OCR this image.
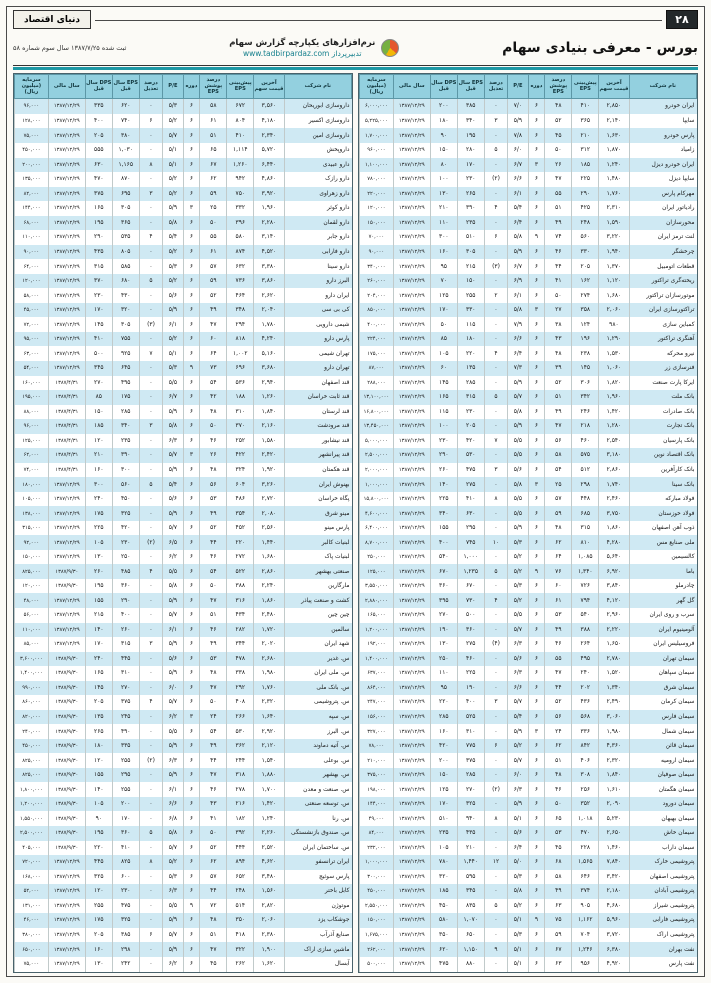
۲۸
دنیای اقتصاد
بورس - معرفی بنیادی سهام
نرم‌افزارهای یکپارچه گزارش سهام
www.tadbirpardaz.com تدبیرپرداز
ثبت شده ۱۳۸۷/۷/۲۵ سال سوم شماره ۵۸
نام شرکت	آخرین قیمت سهم	پیش‌بینی EPS	درصد پوشش EPS	دوره	P/E	درصد تعدیل	EPS سال قبل	DPS سال قبل	سال مالی	سرمایه (میلیون ریال)
ایران خودرو	۲,۸۵۰	۴۱۰	۴۸	۶	۷/۰	۰	۳۸۵	۲۰۰	۱۳۸۷/۱۲/۲۹	۶,۰۰۰,۰۰۰
سایپا	۲,۱۴۰	۳۶۵	۵۲	۶	۵/۹	۳	۳۴۰	۱۸۰	۱۳۸۷/۱۲/۲۹	۵,۲۲۵,۰۰۰
پارس خودرو	۱,۶۳۰	۲۱۰	۴۵	۶	۷/۸	۰	۱۹۵	۹۰	۱۳۸۷/۱۲/۲۹	۱,۷۰۰,۰۰۰
زامیاد	۱,۸۷۰	۳۱۲	۵۰	۶	۶/۰	۵	۲۸۰	۱۵۰	۱۳۸۷/۱۲/۲۹	۹۶۰,۰۰۰
ایران خودرو دیزل	۱,۲۴۰	۱۸۵	۲۶	۳	۶/۷	۰	۱۷۰	۸۰	۱۳۸۷/۱۲/۲۹	۱,۱۰۰,۰۰۰
سایپا دیزل	۱,۴۸۰	۲۲۵	۴۷	۶	۶/۶	(۲)	۲۳۰	۱۰۰	۱۳۸۷/۱۲/۲۹	۷۸۰,۰۰۰
مهرکام پارس	۱,۷۶۰	۲۹۰	۵۵	۶	۶/۱	۰	۲۶۵	۱۳۰	۱۳۸۷/۱۲/۲۹	۲۲۰,۰۰۰
رادیاتور ایران	۲,۳۱۰	۴۲۵	۵۱	۶	۵/۴	۴	۳۹۰	۲۱۰	۱۳۸۷/۱۲/۲۹	۱۲۰,۰۰۰
محورسازان	۱,۵۹۰	۲۴۸	۴۹	۶	۶/۴	۰	۲۳۵	۱۱۰	۱۳۸۷/۱۲/۲۹	۱۵۰,۰۰۰
لنت ترمز ایران	۳,۲۲۰	۵۶۰	۷۴	۹	۵/۸	۶	۵۱۰	۳۰۰	۱۳۸۷/۱۲/۲۹	۷۰,۰۰۰
چرخشگر	۱,۹۴۰	۳۳۰	۴۶	۶	۵/۹	۰	۳۰۵	۱۶۰	۱۳۸۷/۱۲/۲۹	۹۰,۰۰۰
قطعات اتومبیل	۱,۳۷۰	۲۰۵	۴۴	۶	۶/۷	(۳)	۲۱۵	۹۵	۱۳۸۷/۱۲/۲۹	۳۴۰,۰۰۰
ریخته‌گری تراکتور	۱,۱۲۰	۱۶۲	۴۱	۶	۶/۹	۰	۱۵۰	۷۰	۱۳۸۷/۱۲/۲۹	۲۶۰,۰۰۰
موتورسازان تراکتور	۱,۶۸۰	۲۷۴	۵۰	۶	۶/۱	۲	۲۵۵	۱۲۵	۱۳۸۷/۱۲/۲۹	۲۰۴,۰۰۰
تراکتورسازی ایران	۲,۰۶۰	۳۵۸	۲۷	۳	۵/۸	۰	۳۳۰	۱۷۰	۱۳۸۷/۱۲/۲۹	۸۵۰,۰۰۰
کمباین سازی	۹۸۰	۱۲۴	۳۸	۶	۷/۹	۰	۱۱۵	۵۰	۱۳۸۷/۱۲/۲۹	۴۰۰,۰۰۰
آهنگری تراکتور	۱,۲۹۰	۱۹۶	۴۳	۶	۶/۶	۰	۱۸۰	۸۵	۱۳۸۷/۱۲/۲۹	۲۲۴,۰۰۰
نیرو محرکه	۱,۵۳۰	۲۳۸	۴۸	۶	۶/۴	۴	۲۲۰	۱۰۵	۱۳۸۷/۱۲/۲۹	۱۷۵,۰۰۰
فنرسازی زر	۱,۰۶۰	۱۴۵	۳۹	۶	۷/۳	۰	۱۳۵	۶۰	۱۳۸۷/۱۲/۲۹	۸۷,۰۰۰
ایرکا پارت صنعت	۱,۸۲۰	۳۰۶	۵۲	۶	۵/۹	۰	۲۸۵	۱۴۵	۱۳۸۷/۱۲/۲۹	۲۸۸,۰۰۰
بانک ملت	۱,۹۶۰	۳۴۲	۵۱	۶	۵/۷	۵	۳۱۵	۱۶۵	۱۳۸۷/۱۲/۲۹	۱۳,۱۰۰,۰۰۰
بانک صادرات	۱,۴۲۰	۲۴۶	۴۹	۶	۵/۸	۰	۲۳۰	۱۱۵	۱۳۸۷/۱۲/۲۹	۱۶,۸۰۰,۰۰۰
بانک تجارت	۱,۲۸۰	۲۱۸	۴۷	۶	۵/۹	۰	۲۰۵	۱۰۰	۱۳۸۷/۱۲/۲۹	۱۳,۴۵۰,۰۰۰
بانک پارسیان	۲,۵۴۰	۴۶۰	۵۶	۶	۵/۵	۷	۴۲۰	۲۳۰	۱۳۸۷/۱۲/۲۹	۵,۰۰۰,۰۰۰
بانک اقتصاد نوین	۳,۱۸۰	۵۷۵	۵۸	۶	۵/۵	۰	۵۳۰	۲۹۰	۱۳۸۷/۱۲/۲۹	۲,۵۰۰,۰۰۰
بانک کارآفرین	۲,۸۶۰	۵۱۲	۵۴	۶	۵/۶	۳	۴۷۵	۲۶۰	۱۳۸۷/۱۲/۲۹	۲,۰۰۰,۰۰۰
بانک سینا	۱,۷۴۰	۲۹۸	۲۵	۳	۵/۸	۰	۲۷۵	۱۴۰	۱۳۸۷/۱۲/۲۹	۱,۰۰۰,۰۰۰
فولاد مبارکه	۲,۴۶۰	۴۴۸	۵۷	۶	۵/۵	۸	۴۱۰	۲۲۵	۱۳۸۷/۱۲/۲۹	۱۵,۸۰۰,۰۰۰
فولاد خوزستان	۳,۷۵۰	۶۸۵	۵۹	۶	۵/۵	۰	۶۳۰	۳۴۰	۱۳۸۷/۱۲/۲۹	۴,۶۰۰,۰۰۰
ذوب آهن اصفهان	۱,۸۶۰	۳۱۵	۴۸	۶	۵/۹	۰	۲۹۵	۱۵۵	۱۳۸۷/۱۲/۲۹	۶,۴۰۰,۰۰۰
ملی صنایع مس	۴,۲۸۰	۸۱۰	۶۲	۶	۵/۳	۱۰	۷۴۵	۴۰۰	۱۳۸۷/۱۲/۲۹	۸,۷۰۰,۰۰۰
کالسیمین	۵,۶۴۰	۱,۰۸۵	۶۴	۶	۵/۲	۰	۱,۰۰۰	۵۴۰	۱۳۸۷/۱۲/۲۹	۲۵۰,۰۰۰
باما	۶,۹۲۰	۱,۳۴۰	۷۶	۹	۵/۲	۵	۱,۲۳۵	۶۷۰	۱۳۸۷/۱۲/۲۹	۱۲۵,۰۰۰
چادرملو	۳,۸۴۰	۷۲۶	۶۰	۶	۵/۳	۰	۶۷۰	۳۶۰	۱۳۸۷/۱۲/۲۹	۳,۵۵۰,۰۰۰
گل گهر	۴,۱۲۰	۷۹۴	۶۱	۶	۵/۲	۴	۷۳۰	۳۹۵	۱۳۸۷/۱۲/۲۹	۲,۸۸۰,۰۰۰
سرب و روی ایران	۲,۹۶۰	۵۴۰	۵۳	۶	۵/۵	۰	۵۰۰	۲۷۰	۱۳۸۷/۱۲/۲۹	۱۶۵,۰۰۰
آلومینیوم ایران	۲,۲۲۰	۳۸۸	۴۹	۶	۵/۷	۰	۳۶۰	۱۹۰	۱۳۸۷/۱۲/۲۹	۱,۲۰۰,۰۰۰
فروسیلیس ایران	۱,۶۵۰	۲۶۴	۴۶	۶	۶/۳	(۴)	۲۷۵	۱۳۰	۱۳۸۷/۱۲/۲۹	۱۹۲,۰۰۰
سیمان تهران	۲,۷۸۰	۴۹۵	۵۵	۶	۵/۶	۰	۴۶۰	۲۵۰	۱۳۸۷/۱۲/۲۹	۱,۴۰۰,۰۰۰
سیمان سپاهان	۱,۵۲۰	۲۴۰	۴۷	۶	۶/۳	۰	۲۲۵	۱۱۰	۱۳۸۷/۱۲/۲۹	۶۳۷,۰۰۰
سیمان شرق	۱,۳۴۰	۲۰۲	۴۴	۶	۶/۶	۰	۱۹۰	۹۵	۱۳۸۷/۱۲/۲۹	۸۶۴,۰۰۰
سیمان کرمان	۲,۴۹۰	۴۳۶	۵۲	۶	۵/۷	۳	۴۰۰	۲۲۰	۱۳۸۷/۱۲/۲۹	۲۴۷,۰۰۰
سیمان فارس	۳,۰۶۰	۵۶۸	۵۶	۶	۵/۴	۰	۵۲۵	۲۸۵	۱۳۸۷/۱۲/۲۹	۱۵۶,۰۰۰
سیمان شمال	۱,۹۸۰	۳۳۶	۲۴	۳	۵/۹	۰	۳۱۰	۱۶۰	۱۳۸۷/۱۲/۲۹	۳۲۷,۰۰۰
سیمان قائن	۴,۳۶۰	۸۴۲	۶۲	۶	۵/۲	۶	۷۷۵	۴۲۰	۱۳۸۷/۱۲/۲۹	۷۸,۰۰۰
سیمان ارومیه	۲,۳۲۰	۴۰۶	۵۱	۶	۵/۷	۰	۳۷۵	۲۰۰	۱۳۸۷/۱۲/۲۹	۲۱۰,۰۰۰
سیمان صوفیان	۱,۸۴۰	۳۰۸	۴۸	۶	۶/۰	۰	۲۸۵	۱۵۰	۱۳۸۷/۱۲/۲۹	۳۷۵,۰۰۰
سیمان هگمتان	۱,۶۱۰	۲۵۶	۴۶	۶	۶/۳	(۲)	۲۷۰	۱۲۵	۱۳۸۷/۱۲/۲۹	۱۹۸,۰۰۰
سیمان دورود	۲,۰۹۰	۳۵۲	۵۰	۶	۵/۹	۰	۳۲۵	۱۷۰	۱۳۸۷/۱۲/۲۹	۱۴۴,۰۰۰
سیمان بهبهان	۵,۲۳۰	۱,۰۱۸	۶۵	۶	۵/۱	۸	۹۴۰	۵۱۰	۱۳۸۷/۱۲/۲۹	۴۹,۰۰۰
سیمان خاش	۲,۶۵۰	۴۷۰	۵۳	۶	۵/۶	۰	۴۳۵	۲۳۵	۱۳۸۷/۱۲/۲۹	۸۴,۰۰۰
سیمان داراب	۱,۴۶۰	۲۲۸	۴۵	۶	۶/۴	۰	۲۱۰	۱۰۵	۱۳۸۷/۱۲/۲۹	۲۳۲,۰۰۰
پتروشیمی خارک	۷,۸۴۰	۱,۵۶۵	۶۸	۶	۵/۰	۱۲	۱,۴۴۰	۷۸۰	۱۳۸۷/۱۲/۲۹	۱,۰۰۰,۰۰۰
پتروشیمی اصفهان	۳,۴۲۰	۶۴۶	۵۸	۶	۵/۳	۰	۵۹۵	۳۲۰	۱۳۸۷/۱۲/۲۹	۳۰۰,۰۰۰
پتروشیمی آبادان	۲,۱۸۰	۳۷۴	۴۹	۶	۵/۸	۰	۳۴۵	۱۸۵	۱۳۸۷/۱۲/۲۹	۴۵۰,۰۰۰
پتروشیمی شیراز	۴,۶۸۰	۹۰۵	۶۳	۶	۵/۲	۵	۸۳۵	۴۵۰	۱۳۸۷/۱۲/۲۹	۲,۵۵۰,۰۰۰
پتروشیمی فارابی	۵,۹۶۰	۱,۱۶۲	۷۵	۹	۵/۱	۰	۱,۰۷۰	۵۸۰	۱۳۸۷/۱۲/۲۹	۱۵۰,۰۰۰
پتروشیمی اراک	۳,۷۲۰	۷۰۴	۵۹	۶	۵/۳	۰	۶۵۰	۳۵۰	۱۳۸۷/۱۲/۲۹	۱,۶۷۵,۰۰۰
نفت بهران	۶,۳۸۰	۱,۲۴۶	۶۷	۶	۵/۱	۹	۱,۱۵۰	۶۲۰	۱۳۸۷/۱۲/۲۹	۲۶۲,۰۰۰
نفت پارس	۴,۹۲۰	۹۵۶	۶۳	۶	۵/۱	۰	۸۸۰	۴۷۵	۱۳۸۷/۱۲/۲۹	۵۰۰,۰۰۰
نام شرکت	آخرین قیمت سهم	پیش‌بینی EPS	درصد پوشش EPS	دوره	P/E	درصد تعدیل	EPS سال قبل	DPS سال قبل	سال مالی	سرمایه (میلیون ریال)
داروسازی ابوریحان	۳,۵۶۰	۶۷۲	۵۸	۶	۵/۳	۰	۶۲۰	۳۳۵	۱۳۸۷/۱۲/۲۹	۹۶,۰۰۰
داروسازی اکسیر	۴,۱۸۰	۸۰۴	۶۱	۶	۵/۲	۶	۷۴۰	۴۰۰	۱۳۸۷/۱۲/۲۹	۱۲۸,۰۰۰
داروسازی امین	۲,۳۴۰	۴۱۰	۵۱	۶	۵/۷	۰	۳۸۰	۲۰۵	۱۳۸۷/۱۲/۲۹	۷۵,۰۰۰
داروپخش	۵,۷۲۰	۱,۱۱۴	۶۵	۶	۵/۱	۰	۱,۰۳۰	۵۵۵	۱۳۸۷/۱۲/۲۹	۴۵۰,۰۰۰
دارو عبیدی	۶,۴۴۰	۱,۲۶۰	۶۷	۶	۵/۱	۸	۱,۱۶۵	۶۳۰	۱۳۸۷/۱۲/۲۹	۲۰۰,۰۰۰
دارو رازک	۴,۸۶۰	۹۴۲	۶۲	۶	۵/۲	۰	۸۷۰	۴۷۰	۱۳۸۷/۱۲/۲۹	۱۳۵,۰۰۰
دارو زهراوی	۳,۹۲۰	۷۵۰	۵۹	۶	۵/۲	۳	۶۹۵	۳۷۵	۱۳۸۷/۱۲/۲۹	۸۲,۰۰۰
دارو کوثر	۱,۹۶۰	۳۳۲	۲۵	۳	۵/۹	۰	۳۰۵	۱۶۵	۱۳۸۷/۱۲/۲۹	۱۴۴,۰۰۰
دارو لقمان	۲,۲۸۰	۳۹۶	۵۰	۶	۵/۸	۰	۳۶۵	۱۹۵	۱۳۸۷/۱۲/۲۹	۶۸,۰۰۰
دارو جابر	۳,۱۴۰	۵۸۰	۵۵	۶	۵/۴	۴	۵۳۵	۲۹۰	۱۳۸۷/۱۲/۲۹	۱۱۰,۰۰۰
دارو فارابی	۴,۵۲۰	۸۷۴	۶۱	۶	۵/۲	۰	۸۰۵	۴۳۵	۱۳۸۷/۱۲/۲۹	۹۰,۰۰۰
دارو سینا	۳,۳۸۰	۶۳۲	۵۷	۶	۵/۳	۰	۵۸۵	۳۱۵	۱۳۸۷/۱۲/۲۹	۶۴,۰۰۰
البرز دارو	۳,۸۶۰	۷۳۶	۵۹	۶	۵/۲	۵	۶۸۰	۳۷۰	۱۳۸۷/۱۲/۲۹	۱۲۰,۰۰۰
ایران دارو	۲,۶۲۰	۴۶۴	۵۲	۶	۵/۶	۰	۴۳۰	۲۳۰	۱۳۸۷/۱۲/۲۹	۵۸,۰۰۰
کی بی سی	۲,۰۴۰	۳۴۸	۴۹	۶	۵/۹	۰	۳۲۰	۱۷۰	۱۳۸۷/۱۲/۲۹	۴۵,۰۰۰
شیمی دارویی	۱,۷۸۰	۲۹۴	۴۷	۶	۶/۱	(۳)	۳۰۵	۱۴۵	۱۳۸۷/۱۲/۲۹	۷۲,۰۰۰
پارس دارو	۴,۲۴۰	۸۱۸	۶۰	۶	۵/۲	۰	۷۵۵	۴۱۰	۱۳۸۷/۱۲/۲۹	۹۵,۰۰۰
تهران شیمی	۵,۱۶۰	۱,۰۰۲	۶۴	۶	۵/۱	۷	۹۲۵	۵۰۰	۱۳۸۷/۱۲/۲۹	۶۳,۰۰۰
تهران دارو	۳,۶۸۰	۶۹۶	۷۳	۹	۵/۳	۰	۶۴۵	۳۴۵	۱۳۸۷/۱۲/۲۹	۵۴,۰۰۰
قند اصفهان	۲,۹۴۰	۵۳۶	۵۴	۶	۵/۵	۰	۴۹۵	۲۷۰	۱۳۸۷/۴/۳۱	۱۶۰,۰۰۰
قند ثابت خراسان	۱,۲۶۰	۱۸۸	۴۲	۶	۶/۷	۰	۱۷۵	۸۵	۱۳۸۷/۴/۳۱	۱۹۵,۰۰۰
قند لرستان	۱,۸۴۰	۳۱۰	۴۸	۶	۵/۹	۰	۲۸۵	۱۵۰	۱۳۸۷/۴/۳۱	۸۸,۰۰۰
قند مرودشت	۲,۱۶۰	۳۷۰	۵۰	۶	۵/۸	۳	۳۴۰	۱۸۵	۱۳۸۷/۴/۳۱	۹۶,۰۰۰
قند نیشابور	۱,۵۸۰	۲۵۲	۴۶	۶	۶/۳	۰	۲۳۵	۱۲۰	۱۳۸۷/۴/۳۱	۱۲۵,۰۰۰
قند پیرانشهر	۲,۴۲۰	۴۲۲	۲۶	۳	۵/۷	۰	۳۹۰	۲۱۰	۱۳۸۷/۴/۳۱	۶۲,۰۰۰
قند هکمتان	۱,۹۲۰	۳۲۴	۴۸	۶	۵/۹	۰	۳۰۰	۱۶۰	۱۳۸۷/۴/۳۱	۷۴,۰۰۰
بهنوش ایران	۳,۲۶۰	۶۰۴	۵۶	۶	۵/۴	۵	۵۶۰	۳۰۰	۱۳۸۷/۱۲/۲۹	۱۸۰,۰۰۰
پگاه خراسان	۲,۷۲۰	۴۸۶	۵۳	۶	۵/۶	۰	۴۵۰	۲۴۰	۱۳۸۷/۱۲/۲۹	۱۰۵,۰۰۰
مینو شرق	۲,۰۸۰	۳۵۴	۴۹	۶	۵/۹	۰	۳۲۵	۱۷۵	۱۳۸۷/۱۲/۲۹	۱۳۸,۰۰۰
پارس مینو	۲,۵۶۰	۴۵۲	۵۲	۶	۵/۷	۰	۴۲۰	۲۲۵	۱۳۸۷/۱۲/۲۹	۳۱۵,۰۰۰
لبنیات کالبر	۱,۴۴۰	۲۲۰	۴۴	۶	۶/۵	(۲)	۲۳۰	۱۰۵	۱۳۸۷/۱۲/۲۹	۹۲,۰۰۰
لبنیات پاک	۱,۶۸۰	۲۷۲	۴۶	۶	۶/۲	۰	۲۵۰	۱۳۰	۱۳۸۷/۱۲/۲۹	۱۵۰,۰۰۰
صنعتی بهشهر	۲,۸۶۰	۵۲۲	۵۴	۶	۵/۵	۴	۴۸۵	۲۶۰	۱۳۸۷/۹/۳۰	۸۲۵,۰۰۰
مارگارین	۲,۲۴۰	۳۸۸	۵۰	۶	۵/۸	۰	۳۶۰	۱۹۵	۱۳۸۷/۹/۳۰	۱۲۰,۰۰۰
کشت و صنعت پیاذر	۱,۸۶۰	۳۱۶	۴۷	۶	۵/۹	۰	۲۹۰	۱۵۵	۱۳۸۷/۱۲/۲۹	۴۸,۰۰۰
چین چین	۲,۴۸۰	۴۳۴	۵۱	۶	۵/۷	۰	۴۰۰	۲۱۵	۱۳۸۷/۱۲/۲۹	۵۶,۰۰۰
سالمین	۱,۷۲۰	۲۸۲	۴۶	۶	۶/۱	۰	۲۶۰	۱۴۰	۱۳۸۷/۱۲/۲۹	۱۱۰,۰۰۰
شهد ایران	۲,۰۲۰	۳۴۴	۴۹	۶	۵/۹	۳	۳۱۵	۱۷۰	۱۳۸۷/۱۲/۲۹	۸۵,۰۰۰
س. غدیر	۲,۶۸۰	۴۷۸	۵۳	۶	۵/۶	۰	۴۴۵	۲۴۰	۱۳۸۷/۹/۳۰	۳,۶۰۰,۰۰۰
س. ملی ایران	۱,۹۸۰	۳۳۸	۴۸	۶	۵/۹	۰	۳۱۰	۱۶۵	۱۳۸۷/۹/۳۰	۱,۴۰۰,۰۰۰
س. بانک ملی	۱,۷۶۰	۲۹۲	۴۷	۶	۶/۰	۰	۲۷۰	۱۴۵	۱۳۸۷/۹/۳۰	۹۹۰,۰۰۰
س. پتروشیمی	۲,۳۲۰	۴۰۸	۵۰	۶	۵/۷	۴	۳۷۵	۲۰۵	۱۳۸۷/۹/۳۰	۸۶۰,۰۰۰
س. سپه	۱,۶۴۰	۲۶۶	۲۴	۳	۶/۲	۰	۲۴۵	۱۳۵	۱۳۸۷/۹/۳۰	۸۲۰,۰۰۰
س. البرز	۲,۹۲۰	۵۳۰	۵۴	۶	۵/۵	۰	۴۹۰	۲۶۵	۱۳۸۷/۹/۳۰	۲۴۰,۰۰۰
س. آتیه دماوند	۲,۱۲۰	۳۶۲	۴۹	۶	۵/۹	۰	۳۳۵	۱۸۰	۱۳۸۷/۹/۳۰	۴۵۰,۰۰۰
س. بوعلی	۱,۵۴۰	۲۴۴	۴۴	۶	۶/۳	(۲)	۲۵۵	۱۲۰	۱۳۸۷/۹/۳۰	۸۲۵,۰۰۰
س. بهشهر	۱,۸۸۰	۳۱۸	۴۷	۶	۵/۹	۰	۲۹۵	۱۵۵	۱۳۸۷/۹/۳۰	۸۲۵,۰۰۰
س. صنعت و معدن	۱,۷۰۰	۲۷۸	۴۶	۶	۶/۱	۰	۲۵۵	۱۴۰	۱۳۸۷/۹/۳۰	۱,۸۰۰,۰۰۰
س. توسعه صنعتی	۱,۴۲۰	۲۱۶	۴۳	۶	۶/۶	۰	۲۰۰	۱۰۵	۱۳۸۷/۹/۳۰	۱,۲۰۰,۰۰۰
س. رنا	۱,۲۴۰	۱۸۲	۴۱	۶	۶/۸	۰	۱۷۰	۹۰	۱۳۸۷/۹/۳۰	۱,۵۵۰,۰۰۰
س. صندوق بازنشستگی	۲,۲۶۰	۳۹۲	۵۰	۶	۵/۸	۵	۳۶۰	۱۹۵	۱۳۸۷/۹/۳۰	۲,۵۰۰,۰۰۰
س. ساختمان ایران	۲,۵۲۰	۴۴۴	۵۲	۶	۵/۷	۰	۴۱۰	۲۲۰	۱۳۸۷/۹/۳۰	۴۰۵,۰۰۰
ایران ترانسفو	۴,۶۲۰	۸۹۴	۶۲	۶	۵/۲	۸	۸۲۵	۴۴۵	۱۳۸۷/۱۲/۲۹	۷۲۰,۰۰۰
پارس سوئیچ	۳,۴۸۰	۶۵۲	۵۷	۶	۵/۳	۰	۶۰۰	۳۲۵	۱۳۸۷/۱۲/۲۹	۱۶۸,۰۰۰
کابل باختر	۱,۵۶۰	۲۴۸	۴۴	۶	۶/۳	۰	۲۳۰	۱۲۰	۱۳۸۷/۱۲/۲۹	۵۲,۰۰۰
موتوژن	۲,۸۲۰	۵۱۴	۷۲	۹	۵/۵	۰	۴۷۵	۲۵۵	۱۳۸۷/۱۲/۲۹	۱۳۱,۰۰۰
جوشکاب یزد	۲,۰۶۰	۳۵۰	۴۸	۶	۵/۹	۰	۳۲۵	۱۷۵	۱۳۸۷/۱۲/۲۹	۴۶,۰۰۰
صنایع آذرآب	۲,۳۸۰	۴۱۸	۵۱	۶	۵/۷	۶	۳۸۵	۲۰۵	۱۳۸۷/۱۲/۲۹	۳۸۰,۰۰۰
ماشین سازی اراک	۱,۹۰۰	۳۲۲	۴۷	۶	۵/۹	۰	۲۹۸	۱۶۰	۱۳۸۷/۱۲/۲۹	۶۵۰,۰۰۰
آبسال	۱,۶۲۰	۲۶۲	۴۵	۶	۶/۲	۰	۲۴۲	۱۳۰	۱۳۸۷/۱۲/۲۹	۷۵,۰۰۰
